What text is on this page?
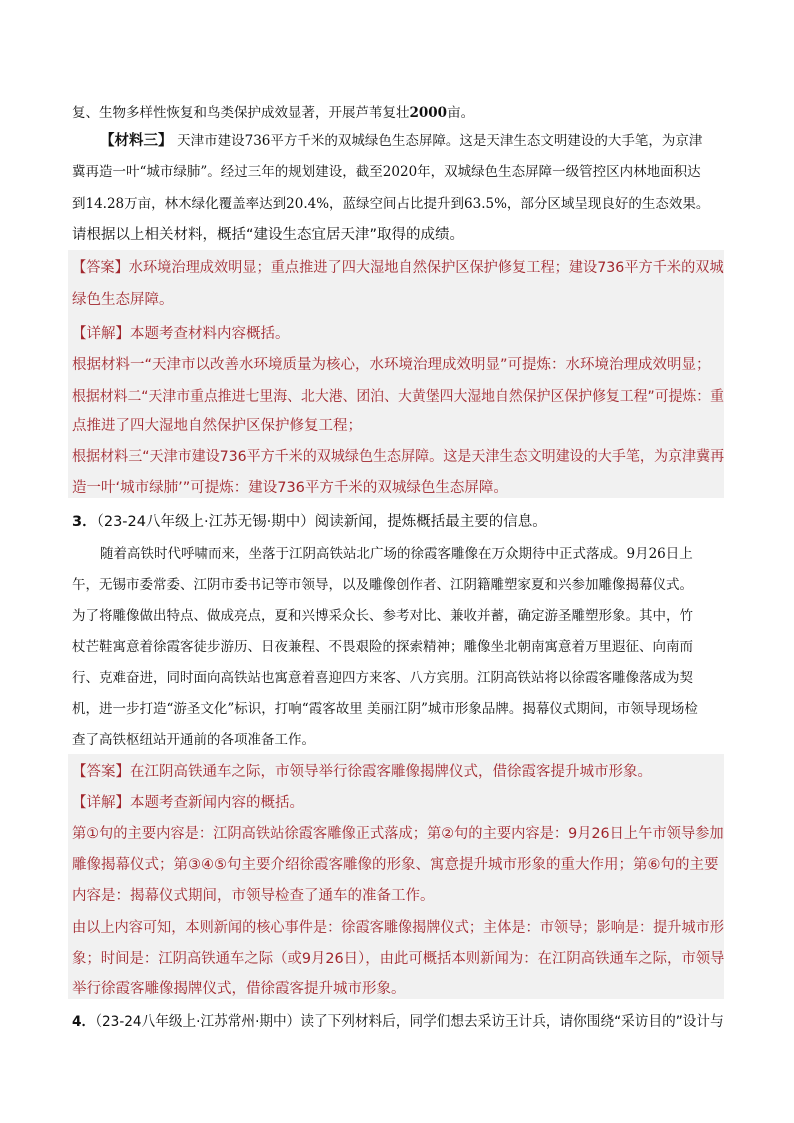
复、生物多样性恢复和鸟类保护成效显著，开展芦苇复壮2000亩。
【材料三】 天津市建设736平方千米的双城绿色生态屏障。这是天津生态文明建设的大手笔，为京津
冀再造一叶“城市绿肺”。经过三年的规划建设，截至2020年，双城绿色生态屏障一级管控区内林地面积达
到14.28万亩，林木绿化覆盖率达到20.4%，蓝绿空间占比提升到63.5%，部分区域呈现良好的生态效果。
请根据以上相关材料，概括“建设生态宜居天津”取得的成绩。
【答案】水环境治理成效明显；重点推进了四大湿地自然保护区保护修复工程；建设736平方千米的双城
绿色生态屏障。
【详解】本题考查材料内容概括。
根据材料一“天津市以改善水环境质量为核心，水环境治理成效明显”可提炼：水环境治理成效明显；
根据材料二“天津市重点推进七里海、北大港、团泊、大黄堡四大湿地自然保护区保护修复工程”可提炼：重
点推进了四大湿地自然保护区保护修复工程；
根据材料三“天津市建设736平方千米的双城绿色生态屏障。这是天津生态文明建设的大手笔，为京津冀再
造一叶‘城市绿肺’”可提炼：建设736平方千米的双城绿色生态屏障。
3．（23-24八年级上·江苏无锡·期中）阅读新闻，提炼概括最主要的信息。
随着高铁时代呼啸而来，坐落于江阴高铁站北广场的徐霞客雕像在万众期待中正式落成。9月26日上
午，无锡市委常委、江阴市委书记等市领导，以及雕像创作者、江阴籍雕塑家夏和兴参加雕像揭幕仪式。
为了将雕像做出特点、做成亮点，夏和兴博采众长、参考对比、兼收并蓄，确定游圣雕塑形象。其中，竹
杖芒鞋寓意着徐霞客徒步游历、日夜兼程、不畏艰险的探索精神；雕像坐北朝南寓意着万里遐征、向南而
行、克难奋进，同时面向高铁站也寓意着喜迎四方来客、八方宾朋。江阴高铁站将以徐霞客雕像落成为契
机，进一步打造“游圣文化”标识，打响“霞客故里 美丽江阴”城市形象品牌。揭幕仪式期间，市领导现场检
查了高铁枢纽站开通前的各项准备工作。
【答案】在江阴高铁通车之际，市领导举行徐霞客雕像揭牌仪式，借徐霞客提升城市形象。
【详解】本题考查新闻内容的概括。
第①句的主要内容是：江阴高铁站徐霞客雕像正式落成；第②句的主要内容是：9月26日上午市领导参加
雕像揭幕仪式；第③④⑤句主要介绍徐霞客雕像的形象、寓意提升城市形象的重大作用；第⑥句的主要
内容是：揭幕仪式期间，市领导检查了通车的准备工作。
由以上内容可知，本则新闻的核心事件是：徐霞客雕像揭牌仪式；主体是：市领导；影响是：提升城市形
象；时间是：江阴高铁通车之际（或9月26日），由此可概括本则新闻为：在江阴高铁通车之际，市领导
举行徐霞客雕像揭牌仪式，借徐霞客提升城市形象。
4．（23-24八年级上·江苏常州·期中）读了下列材料后，同学们想去采访王计兵，请你围绕“采访目的”设计与
